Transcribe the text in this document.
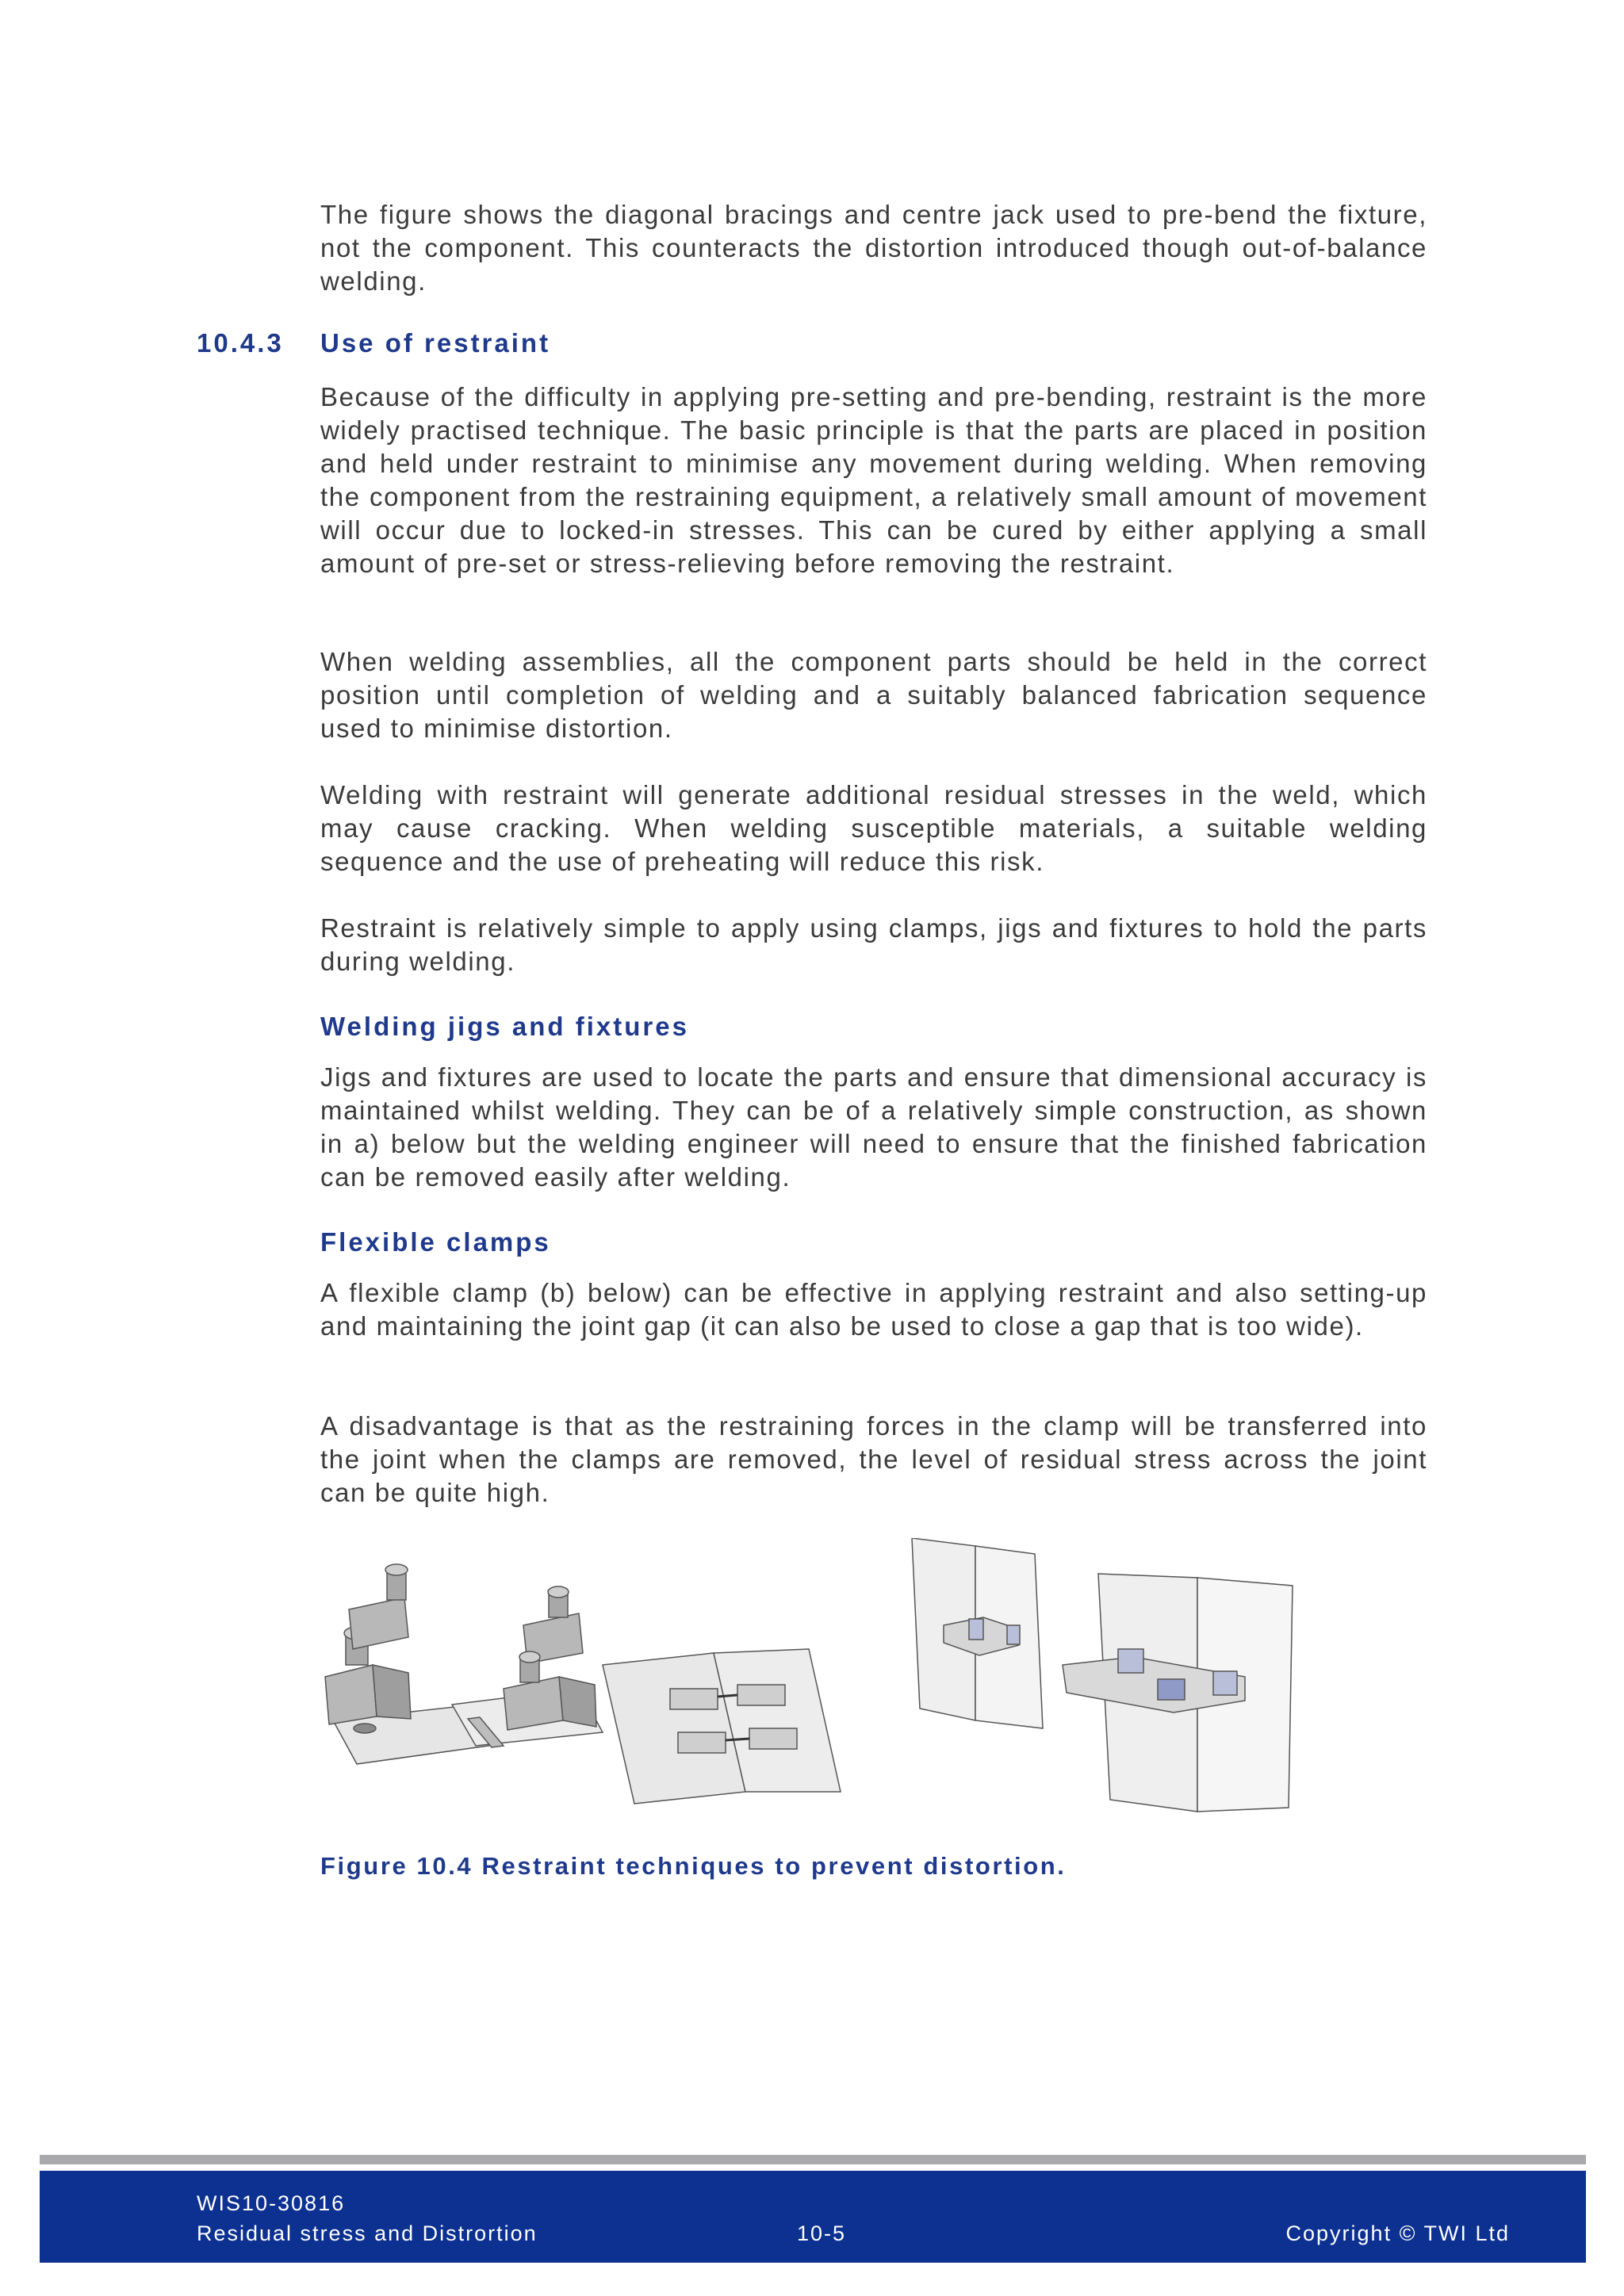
The figure shows the diagonal bracings and centre jack used to pre-bend the fixture, not the component. This counteracts the distortion introduced though out-of-balance welding.

10.4.3 Use of restraint

Because of the difficulty in applying pre-setting and pre-bending, restraint is the more widely practised technique. The basic principle is that the parts are placed in position and held under restraint to minimise any movement during welding. When removing the component from the restraining equipment, a relatively small amount of movement will occur due to locked-in stresses. This can be cured by either applying a small amount of pre-set or stress-relieving before removing the restraint.

When welding assemblies, all the component parts should be held in the correct position until completion of welding and a suitably balanced fabrication sequence used to minimise distortion.

Welding with restraint will generate additional residual stresses in the weld, which may cause cracking. When welding susceptible materials, a suitable welding sequence and the use of preheating will reduce this risk.

Restraint is relatively simple to apply using clamps, jigs and fixtures to hold the parts during welding.

Welding jigs and fixtures

Jigs and fixtures are used to locate the parts and ensure that dimensional accuracy is maintained whilst welding. They can be of a relatively simple construction, as shown in a) below but the welding engineer will need to ensure that the finished fabrication can be removed easily after welding.

Flexible clamps

A flexible clamp (b) below) can be effective in applying restraint and also setting-up and maintaining the joint gap (it can also be used to close a gap that is too wide).

A disadvantage is that as the restraining forces in the clamp will be transferred into the joint when the clamps are removed, the level of residual stress across the joint can be quite high.

Figure 10.4 Restraint techniques to prevent distortion.
WIS10-30816
Residual stress and Distrortion	10-5	Copyright © TWI Ltd
